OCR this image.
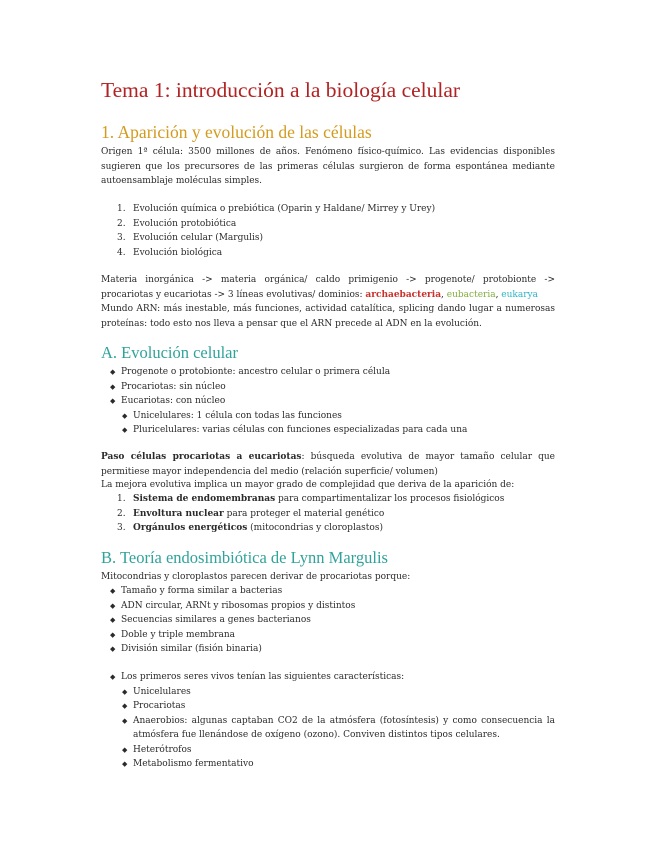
Tema 1: introducción a la biología celular
1. Aparición y evolución de las células

Origen 1ª célula: 3500 millones de años. Fenómeno físico-químico. Las evidencias disponibles sugieren que los precursores de las primeras células surgieron de forma espontánea mediante autoensamblaje moléculas simples.

1. Evolución química o prebiótica (Oparin y Haldane/ Mirrey y Urey)
2. Evolución protobiótica
3. Evolución celular (Margulis)
4. Evolución biológica

Materia inorgánica -> materia orgánica/ caldo primigenio -> progenote/ protobionte -> procariotas y eucariotas -> 3 líneas evolutivas/ dominios: archaebacteria, eubacteria, eukarya

Mundo ARN: más inestable, más funciones, actividad catalítica, splicing dando lugar a numerosas proteínas: todo esto nos lleva a pensar que el ARN precede al ADN en la evolución.

A. Evolución celular
◆ Progenote o protobionte: ancestro celular o primera célula
◆ Procariotas: sin núcleo
◆ Eucariotas: con núcleo
◆ Unicelulares: 1 célula con todas las funciones
◆ Pluricelulares: varias células con funciones especializadas para cada una

Paso células procariotas a eucariotas: búsqueda evolutiva de mayor tamaño celular que permitiese mayor independencia del medio (relación superficie/ volumen)

La mejora evolutiva implica un mayor grado de complejidad que deriva de la aparición de:

1. Sistema de endomembranas para compartimentalizar los procesos fisiológicos
2. Envoltura nuclear para proteger el material genético
3. Orgánulos energéticos (mitocondrias y cloroplastos)
B. Teoría endosimbiótica de Lynn Margulis

Mitocondrias y cloroplastos parecen derivar de procariotas porque:

◆ Tamaño y forma similar a bacterias
◆ ADN circular, ARNt y ribosomas propios y distintos
◆ Secuencias similares a genes bacterianos
◆ Doble y triple membrana
◆ División similar (fisión binaria)
◆ Los primeros seres vivos tenían las siguientes características:
◆ Unicelulares
◆ Procariotas
◆ Anaerobios: algunas captaban CO2 de la atmósfera (fotosíntesis) y como consecuencia la atmósfera fue llenándose de oxígeno (ozono). Conviven distintos tipos celulares.
◆ Heterótrofos
◆ Metabolismo fermentativo
